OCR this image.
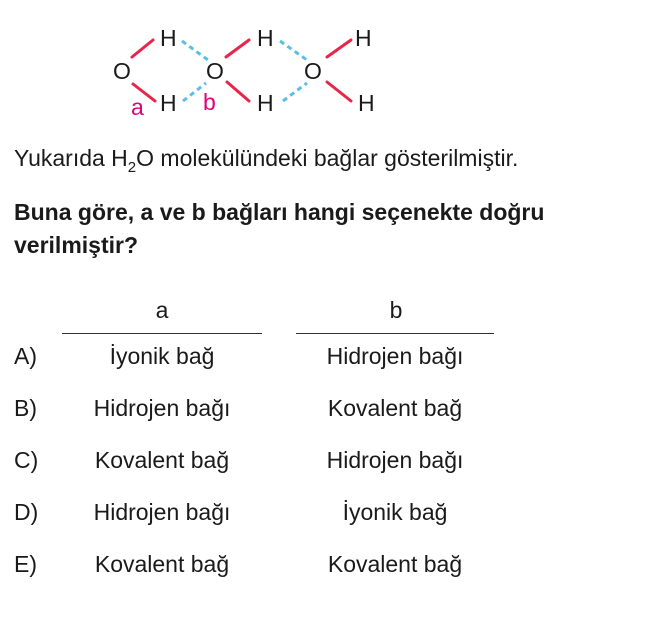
O	O	O
H
H
H
H
H
H
a	b
Yukarıda $H_2O$ molekülündeki bağlar gösterilmiştir.
Buna göre, a ve b bağları hangi seçenekte doğru verilmiştir?
a	b
A)	İyonik bağ	Hidrojen bağı
B)	Hidrojen bağı	Kovalent bağ
C)	Kovalent bağ	Hidrojen bağı
D)	Hidrojen bağı	İyonik bağ
E)	Kovalent bağ	Kovalent bağ
